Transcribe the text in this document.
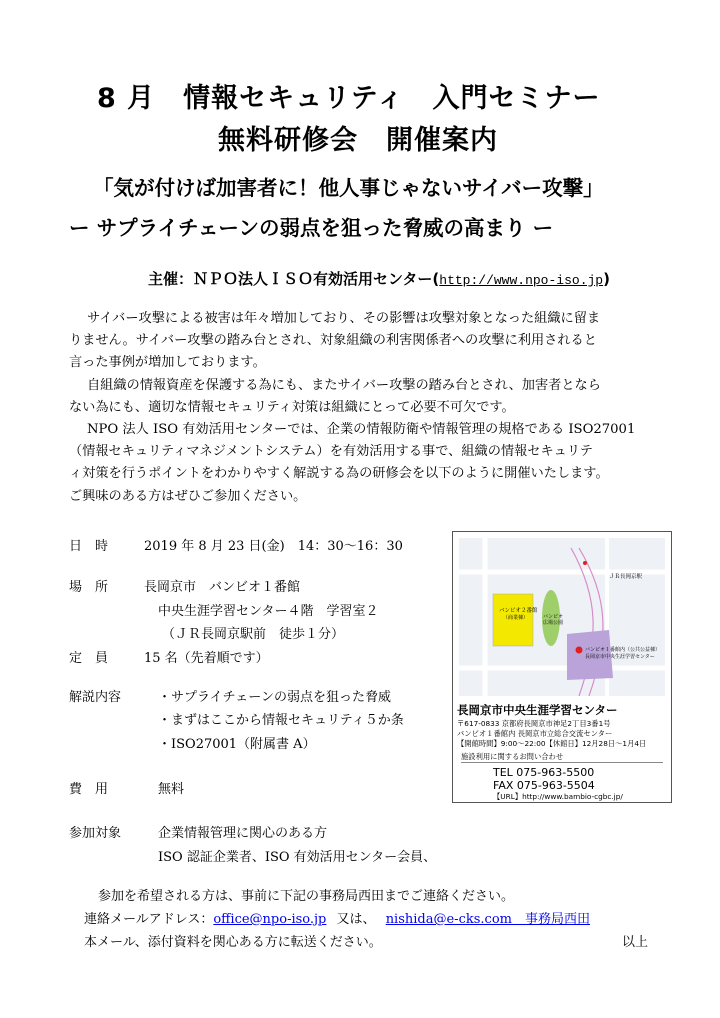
8 月　情報セキュリティ　入門セミナー
無料研修会　開催案内
「気が付けば加害者に！他人事じゃないサイバー攻撃」
ー サプライチェーンの弱点を狙った脅威の高まり ー
主催：ＮＰＯ法人ＩＳＯ有効活用センター(http://www.npo-iso.jp)
サイバー攻撃による被害は年々増加しており、その影響は攻撃対象となった組織に留ま
りません。サイバー攻撃の踏み台とされ、対象組織の利害関係者への攻撃に利用されると
言った事例が増加しております。
自組織の情報資産を保護する為にも、またサイバー攻撃の踏み台とされ、加害者となら
ない為にも、適切な情報セキュリティ対策は組織にとって必要不可欠です。
NPO 法人 ISO 有効活用センターでは、企業の情報防衛や情報管理の規格である ISO27001
（情報セキュリティマネジメントシステム）を有効活用する事で、組織の情報セキュリテ
ィ対策を行うポイントをわかりやすく解説する為の研修会を以下のように開催いたします。
ご興味のある方はぜひご参加ください。
日　時	2019 年 8 月 23 日(金)　14：30～16：30
場　所	長岡京市　バンビオ１番館
中央生涯学習センター４階　学習室２
（ＪＲ長岡京駅前　徒歩１分）
定　員	15 名（先着順です）
解説内容	・サプライチェーンの弱点を狙った脅威
・まずはここから情報セキュリティ５か条
・ISO27001（附属書 A）
費　用	無料
参加対象	企業情報管理に関心のある方
ISO 認証企業者、ISO 有効活用センター会員、
参加を希望される方は、事前に下記の事務局西田までご連絡ください。
連絡メールアドレス：office@npo-iso.jp 又は、 nishida@e-cks.com　事務局西田
本メール、添付資料を関心ある方に転送ください。	以上
バンビオ２番館
（商業棟）	バンビオ
広場公園
ＪＲ長岡京駅
バンビオ１番館内（公共公益棟）
長岡京市中央生涯学習センター
長岡京市中央生涯学習センター
〒617-0833 京都府長岡京市神足2丁目3番1号
バンビオ１番館内 長岡京市立総合交流センター
【開館時間】9:00～22:00【休館日】12月28日～1月4日
施設利用に関するお問い合わせ
TEL 075-963-5500
FAX 075-963-5504
【URL】http://www.bambio-cgbc.jp/
